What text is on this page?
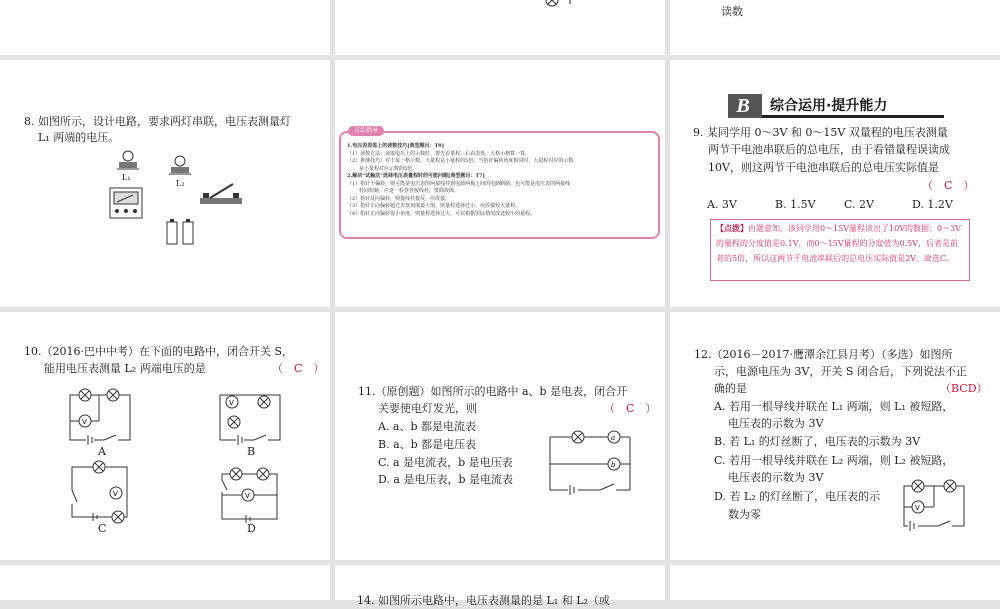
读数
14. 如图所示电路中，电压表测量的是 L₁ 和 L₂（或
8. 如图所示，设计电路，要求两灯串联，电压表测量灯
L₁ 两端的电压。
L₁
L₂
1.电压表表盘上的读数技巧[典型题目：T9]
（1）读数方法：读取电压上的示数时，要先看量程，后看表盘，大格小格算一算。
（2）推测技巧：对于每一格示数，大量程是小量程的5倍；当指针偏转角度相同时，大量程对应的示数
是小量程对应示数的5倍。
2.解决“试触法”选择电压表量程时的可能问题[典型题目：T7]
（1）指针不偏转，则可能是电压表的两接线柱到电源两极之间的电路断路，也可能是电压表的两接线
柱间短路，应逐一检查各接线柱，排除故障。
（2）指针反向偏转，则接线柱接反，应改接。
（3）指针正向偏转超过表盘刻度最大值，则量程选择过小，应改接较大量程。
（4）指针正向偏转很小角度，则量程选择过大，可以根据实际情况改选较小的量程。
方法指导
B	综合运用·提升能力
9. 某同学用 0～3V 和 0～15V 双量程的电压表测量
两节干电池串联后的总电压，由于看错量程误读成
10V，则这两节干电池串联后的总电压实际值是
（　C　）
A. 3V	B. 1.5V	C. 2V	D. 1.2V
【点拨】由题意知，该同学用0～15V量程读出了10V的数据；0～3V的量程的分度值是0.1V，而0～15V量程的分度值为0.5V，后者是前者的5倍，所以这两节干电池串联后的总电压实际值是2V。故选C。
10.（2016·巴中中考）在下面的电路中，闭合开关 S，
能用电压表测量 L₂ 两端电压的是	（　C　）
V
V
V	V
A	B
C	D
11.（原创题）如图所示的电路中 a、b 是电表，闭合开
关要使电灯发光，则	（　C　）
A. a、b 都是电流表
B. a、b 都是电压表
C. a 是电流表，b 是电压表
D. a 是电压表，b 是电流表
a
b
12.（2016－2017·鹰潭余江县月考）（多选）如图所
示，电源电压为 3V，开关 S 闭合后，下列说法不正
确的是	（BCD）
A. 若用一根导线并联在 L₁ 两端，则 L₁ 被短路，
电压表的示数为 3V
B. 若 L₁ 的灯丝断了，电压表的示数为 3V
C. 若用一根导线并联在 L₂ 两端，则 L₂ 被短路，
电压表的示数为 3V
D. 若 L₂ 的灯丝断了，电压表的示
数为零	V
